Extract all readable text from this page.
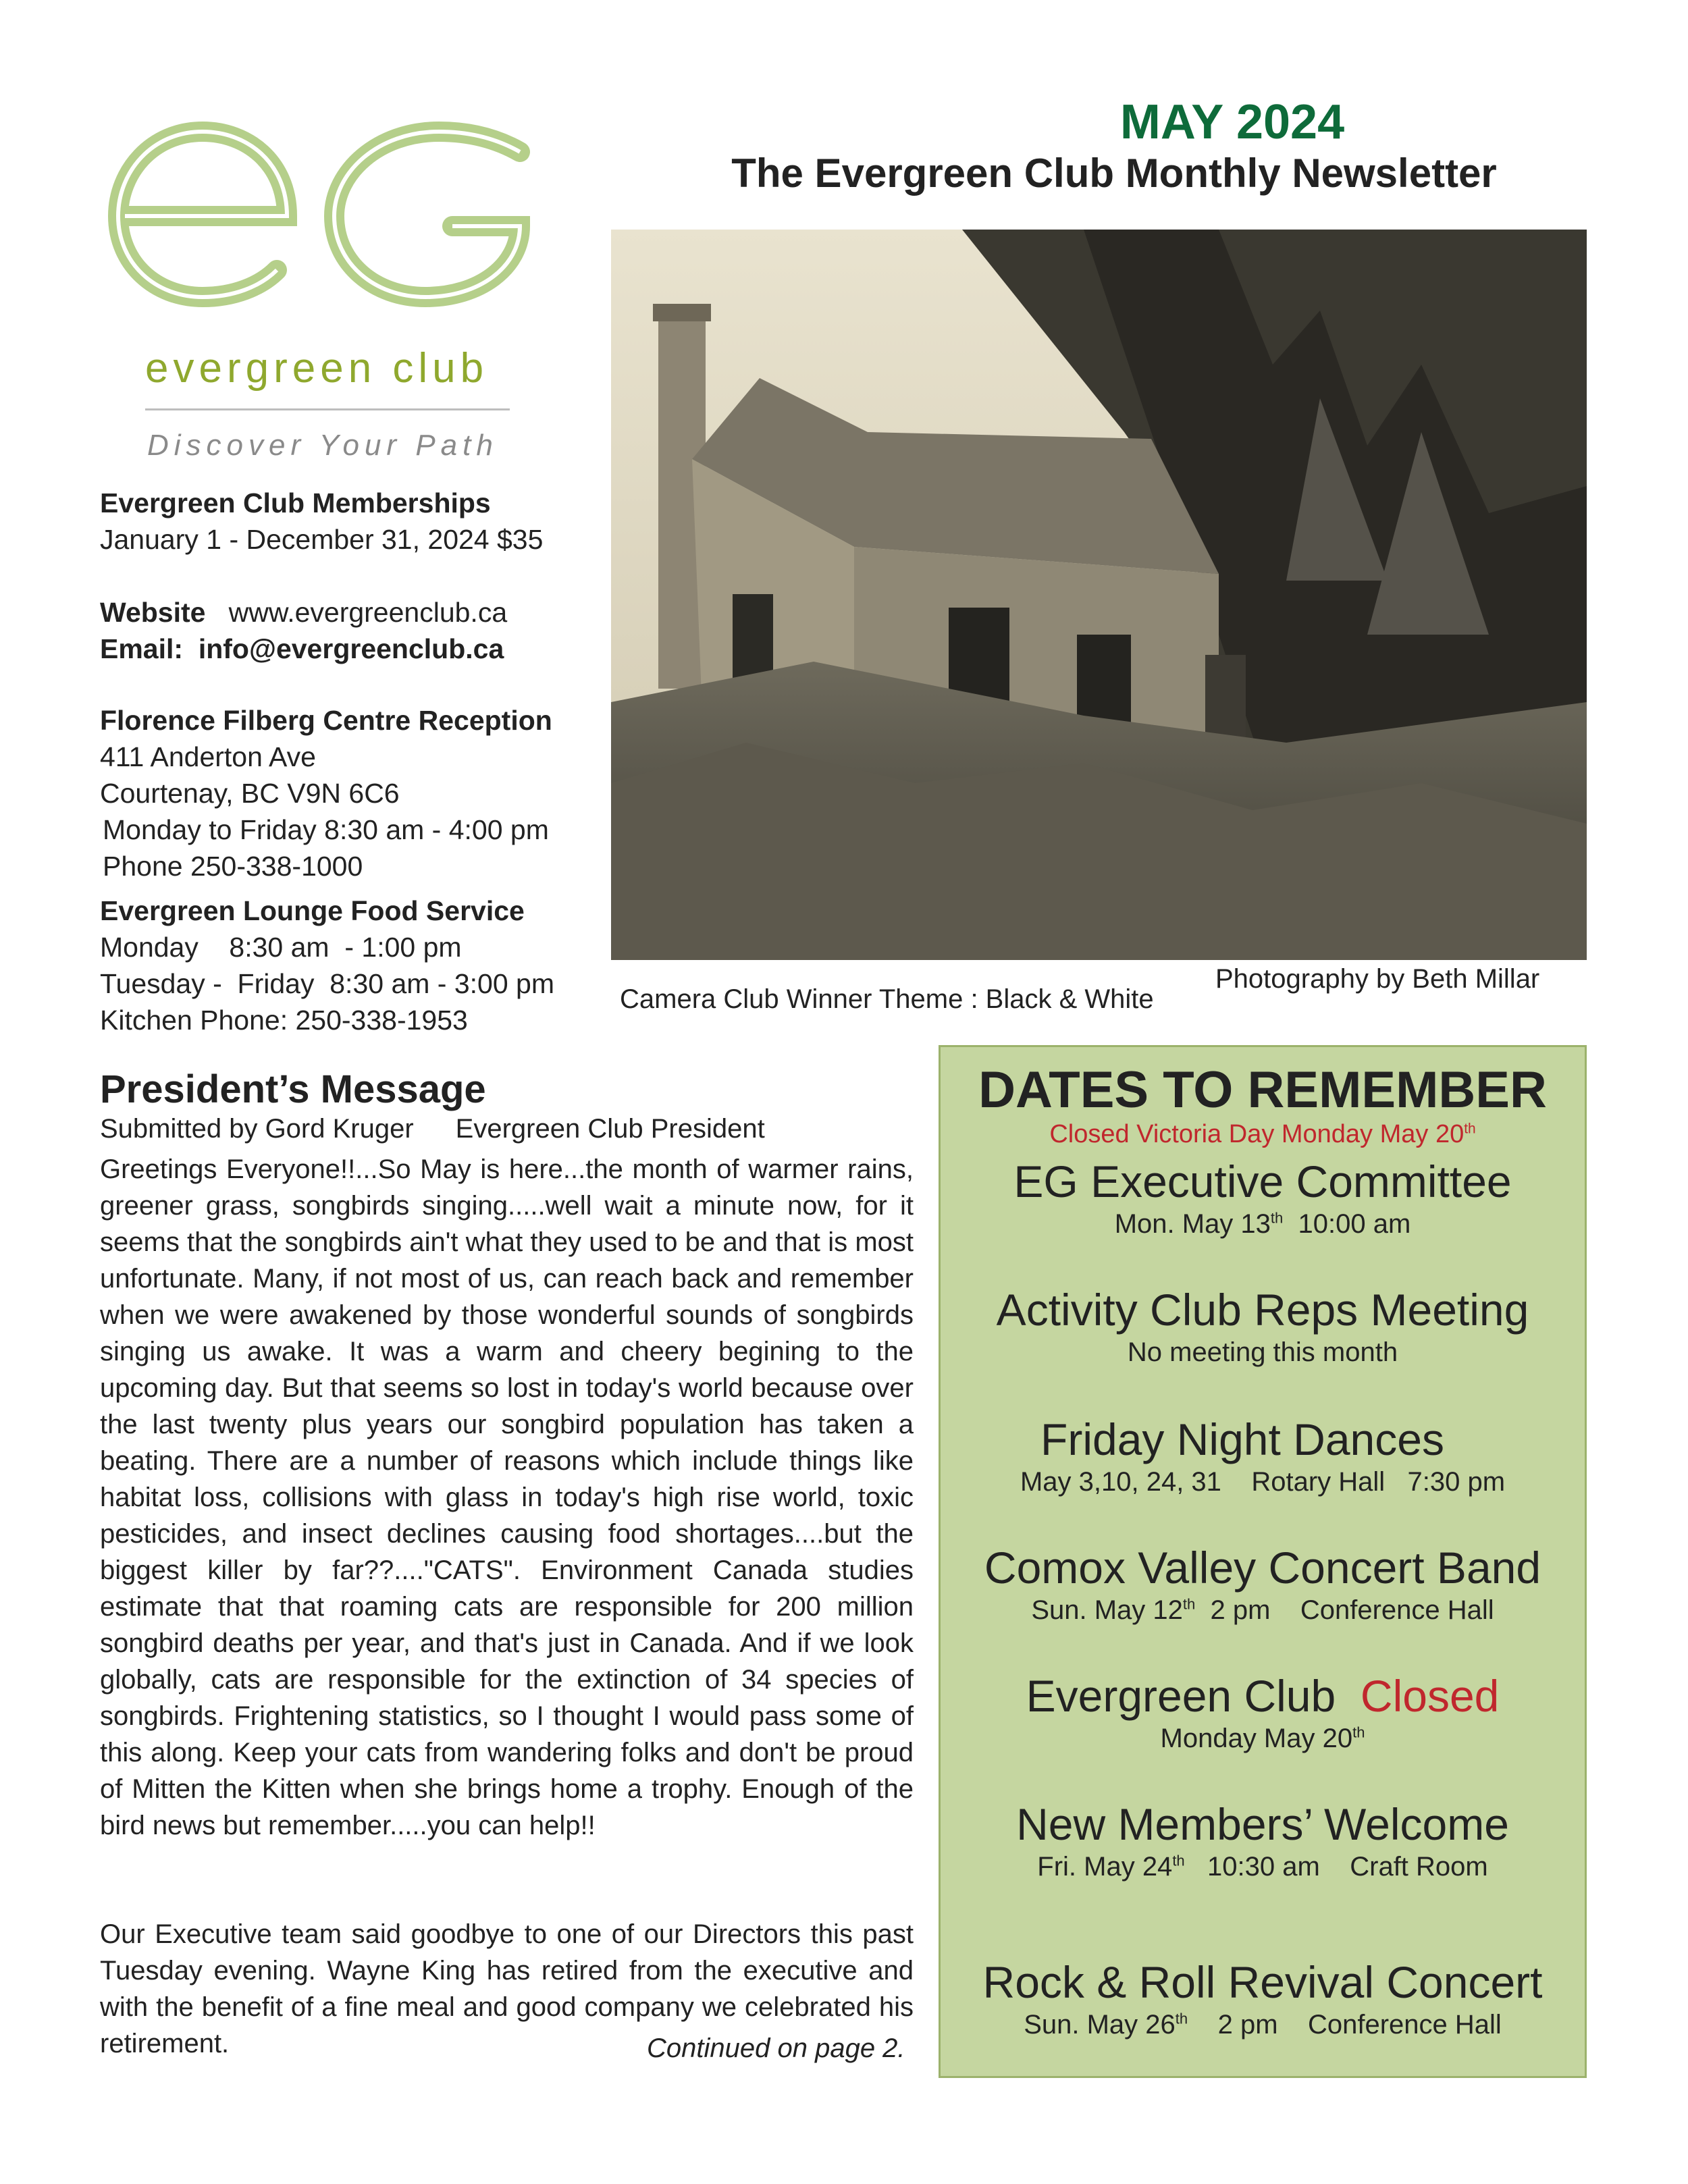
evergreen club
Discover Your Path
MAY 2024
The Evergreen Club Monthly Newsletter
Photography by Beth Millar
Camera Club Winner Theme : Black & White
Evergreen Club Memberships
January 1 - December 31, 2024 $35
Website www.evergreenclub.ca
Email: info@evergreenclub.ca
Florence Filberg Centre Reception
411 Anderton Ave
Courtenay, BC V9N 6C6
Monday to Friday 8:30 am - 4:00 pm
Phone 250-338-1000
Evergreen Lounge Food Service
Monday    8:30 am  - 1:00 pm
Tuesday -  Friday  8:30 am - 3:00 pm
Kitchen Phone: 250-338-1953
President’s Message
Submitted by Gord Kruger Evergreen Club President
Greetings Everyone!!...So May is here...the month of warmer rains, greener grass, songbirds singing.....well wait a minute now, for it seems that the songbirds ain't what they used to be and that is most unfortunate. Many, if not most of us, can reach back and remember when we were awakened by those wonderful sounds of songbirds singing us awake. It was a warm and cheery begining to the upcoming day. But that seems so lost in today's world because over the last twenty plus years our songbird population has taken a beating. There are a number of reasons which include things like habitat loss, collisions with glass in today's high rise world, toxic pesticides, and insect declines causing food shortages....but the biggest killer by far??...."CATS". Environment Canada studies estimate that that roaming cats are responsible for 200 million songbird deaths per year, and that's just in Canada. And if we look globally, cats are responsible for the extinction of 34 species of songbirds. Frightening statistics, so I thought I would pass some of this along. Keep your cats from wandering folks and don't be proud of Mitten the Kitten when she brings home a trophy. Enough of the bird news but remember.....you can help!!
Our Executive team said goodbye to one of our Directors this past Tuesday evening. Wayne King has retired from the executive and with the benefit of a fine meal and good company we celebrated his retirement.	Continued on page 2.
DATES TO REMEMBER
Closed Victoria Day Monday May 20th
EG Executive Committee
Mon. May 13th  10:00 am
Activity Club Reps Meeting
No meeting this month
Friday Night Dances
May 3,10, 24, 31    Rotary Hall   7:30 pm
Comox Valley Concert Band
Sun. May 12th  2 pm    Conference Hall
Evergreen Club Closed
Monday May 20th
New Members’ Welcome
Fri. May 24th   10:30 am    Craft Room
Rock & Roll Revival Concert
Sun. May 26th    2 pm    Conference Hall
